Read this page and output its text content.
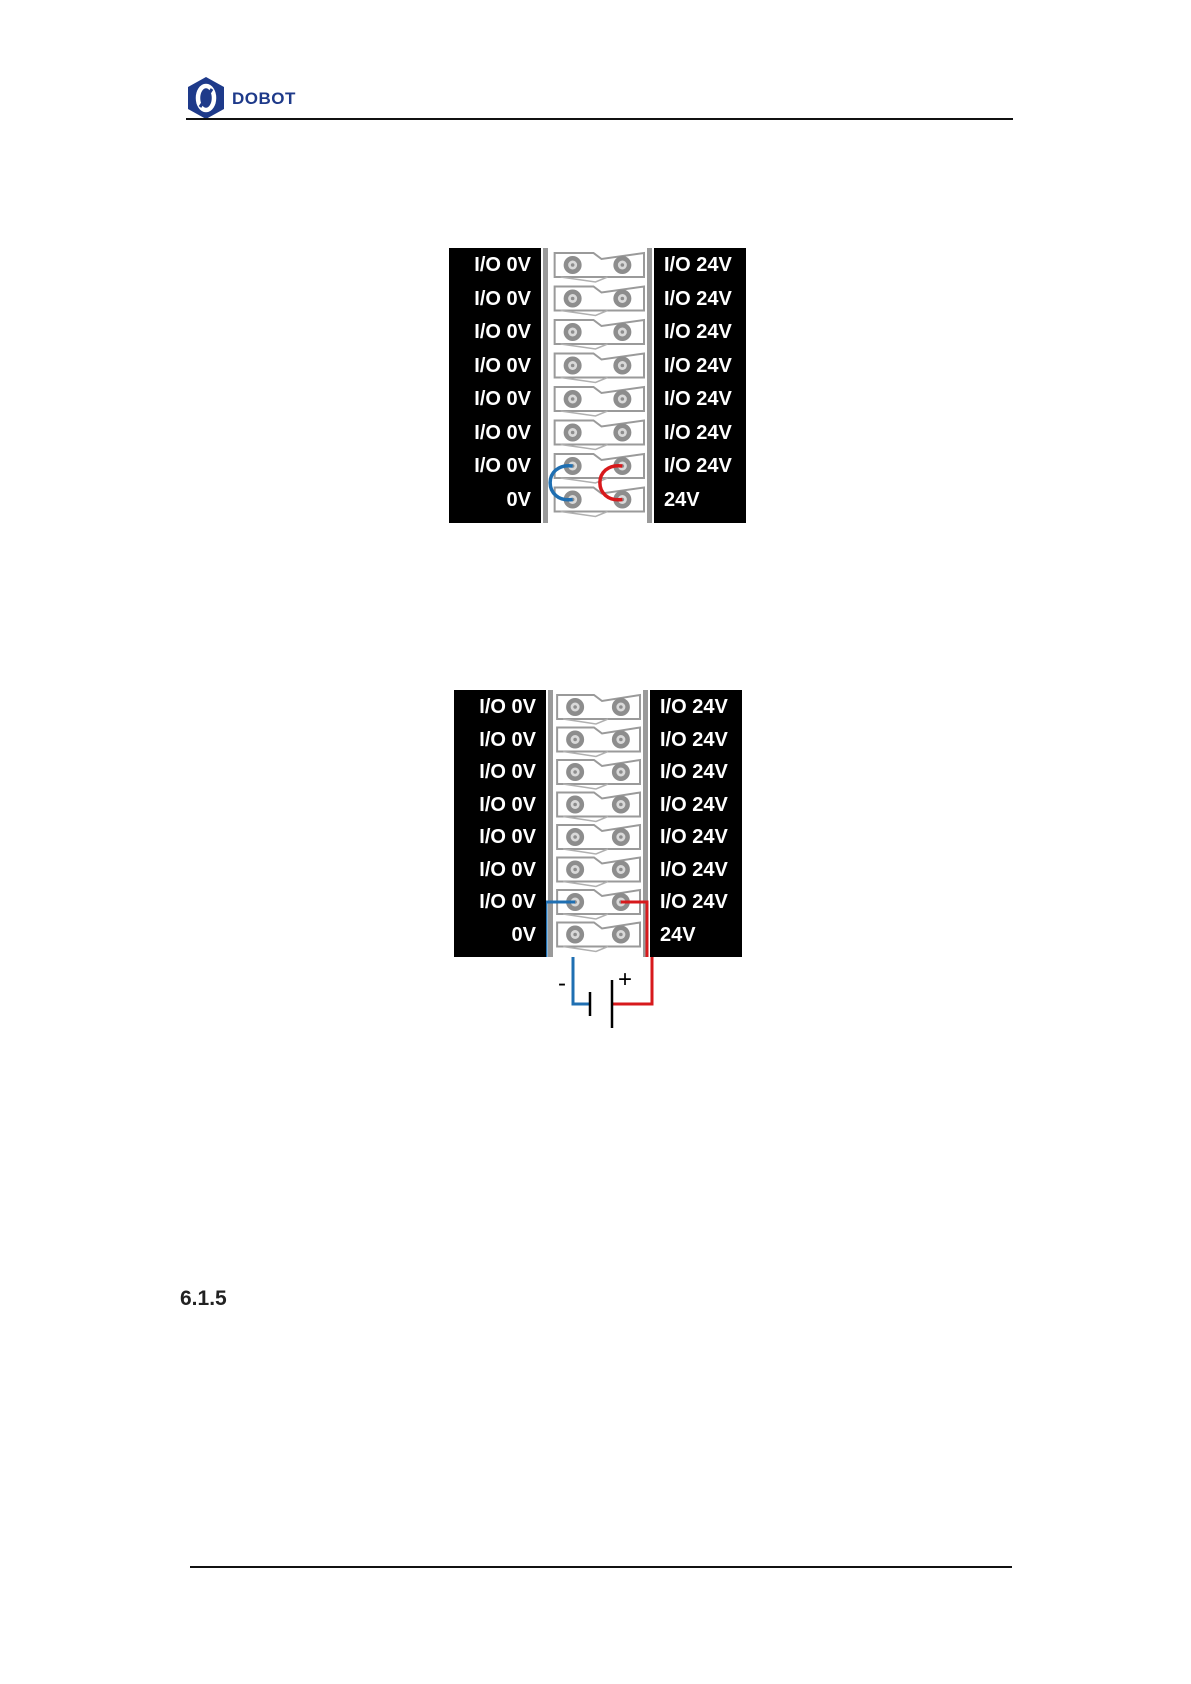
DOBOT
I/O 0V
I/O 0V
I/O 0V
I/O 0V
I/O 0V
I/O 0V
I/O 0V
0V
I/O 24V
I/O 24V
I/O 24V
I/O 24V
I/O 24V
I/O 24V
I/O 24V
24V
I/O 0V
I/O 0V
I/O 0V
I/O 0V
I/O 0V
I/O 0V
I/O 0V
0V
I/O 24V
I/O 24V
I/O 24V
I/O 24V
I/O 24V
I/O 24V
I/O 24V
24V
- +
6.1.5
